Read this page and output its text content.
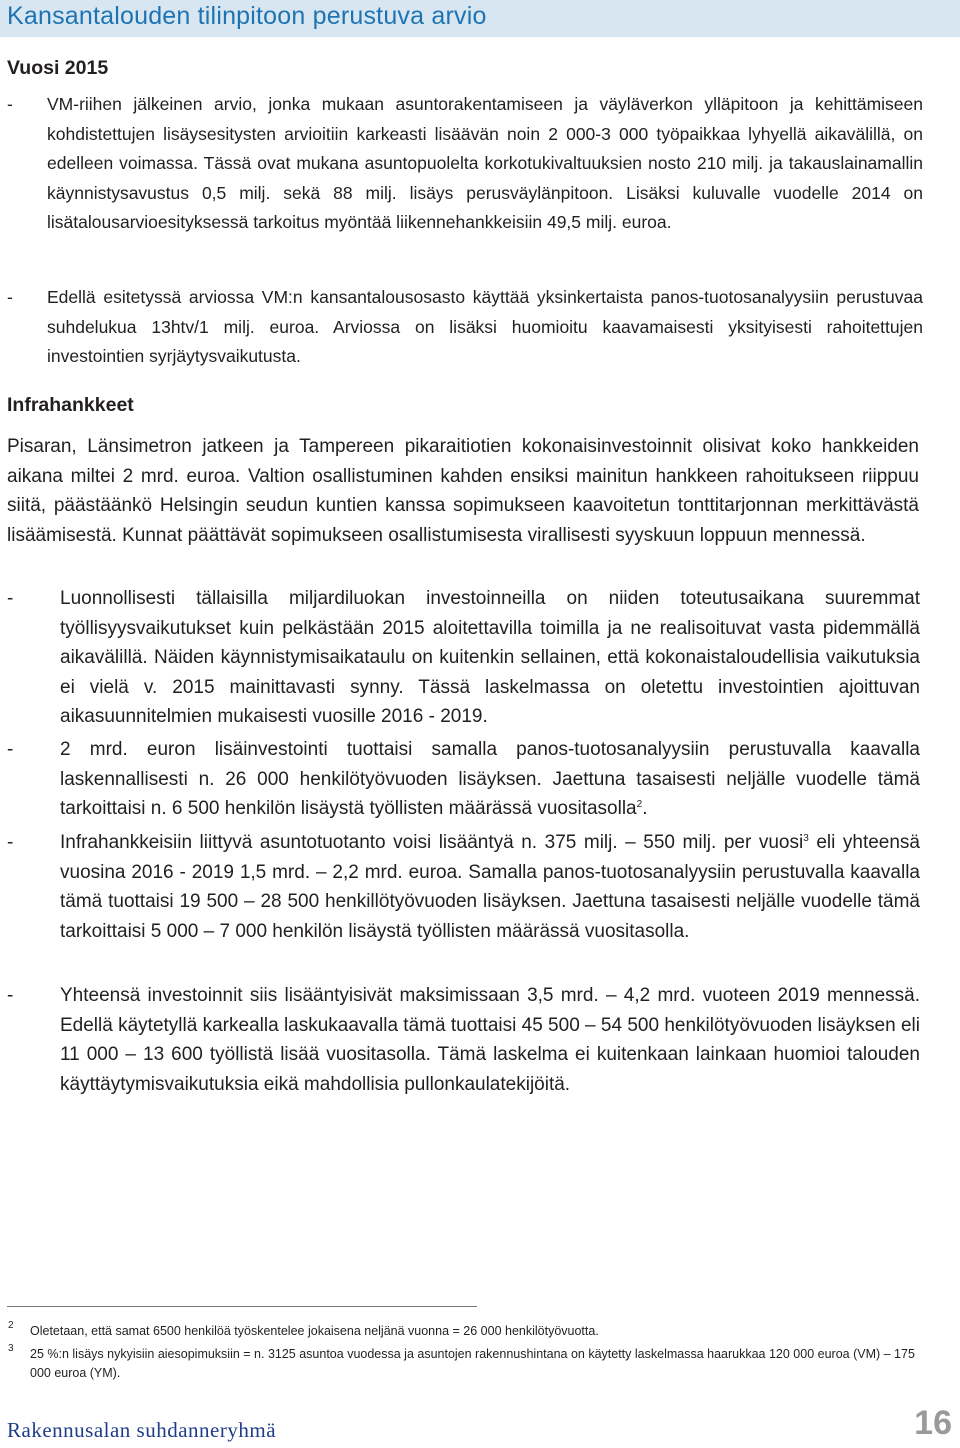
Kansantalouden tilinpitoon perustuva arvio
Vuosi 2015
- VM-riihen jälkeinen arvio, jonka mukaan asuntorakentamiseen ja väyläverkon ylläpitoon ja kehittämiseen kohdistettujen lisäysesitysten arvioitiin karkeasti lisäävän noin 2 000-3 000 työpaikkaa lyhyellä aikavälillä, on edelleen voimassa. Tässä ovat mukana asuntopuolelta korkotukivaltuuksien nosto 210 milj. ja takauslainamallin käynnistysavustus 0,5 milj. sekä 88 milj. lisäys perusväylänpitoon. Lisäksi kuluvalle vuodelle 2014 on lisätalousarvioesityksessä tarkoitus myöntää liikennehankkeisiin 49,5 milj. euroa.

- Edellä esitetyssä arviossa VM:n kansantalousosasto käyttää yksinkertaista panos-tuotosanalyysiin perustuvaa suhdelukua 13htv/1 milj. euroa. Arviossa on lisäksi huomioitu kaavamaisesti yksityisesti rahoitettujen investointien syrjäytysvaikutusta.

Infrahankkeet

Pisaran, Länsimetron jatkeen ja Tampereen pikaraitiotien kokonaisinvestoinnit olisivat koko hankkeiden aikana miltei 2 mrd. euroa. Valtion osallistuminen kahden ensiksi mainitun hankkeen rahoitukseen riippuu siitä, päästäänkö Helsingin seudun kuntien kanssa sopimukseen kaavoitetun tonttitarjonnan merkittävästä lisäämisestä. Kunnat päättävät sopimukseen osallistumisesta virallisesti syyskuun loppuun mennessä.

- Luonnollisesti tällaisilla miljardiluokan investoinneilla on niiden toteutusaikana suuremmat työllisyysvaikutukset kuin pelkästään 2015 aloitettavilla toimilla ja ne realisoituvat vasta pidemmällä aikavälillä. Näiden käynnistymisaikataulu on kuitenkin sellainen, että kokonaistaloudellisia vaikutuksia ei vielä v. 2015 mainittavasti synny. Tässä laskelmassa on oletettu investointien ajoittuvan aikasuunnitelmien mukaisesti vuosille 2016 - 2019.

- 2 mrd. euron lisäinvestointi tuottaisi samalla panos-tuotosanalyysiin perustuvalla kaavalla laskennallisesti n. 26 000 henkilötyövuoden lisäyksen. Jaettuna tasaisesti neljälle vuodelle tämä tarkoittaisi n. 6 500 henkilön lisäystä työllisten määrässä vuositasolla$^2$.

- Infrahankkeisiin liittyvä asuntotuotanto voisi lisääntyä n. 375 milj. – 550 milj. per vuosi$^3$ eli yhteensä vuosina 2016 - 2019 1,5 mrd. – 2,2 mrd. euroa. Samalla panos-tuotosanalyysiin perustuvalla kaavalla tämä tuottaisi 19 500 – 28 500 henkillötyövuoden lisäyksen. Jaettuna tasaisesti neljälle vuodelle tämä tarkoittaisi 5 000 – 7 000 henkilön lisäystä työllisten määrässä vuositasolla.

- Yhteensä investoinnit siis lisääntyisivät maksimissaan 3,5 mrd. – 4,2 mrd. vuoteen 2019 mennessä. Edellä käytetyllä karkealla laskukaavalla tämä tuottaisi 45 500 – 54 500 henkilötyövuoden lisäyksen eli 11 000 – 13 600 työllistä lisää vuositasolla. Tämä laskelma ei kuitenkaan lainkaan huomioi talouden käyttäytymisvaikutuksia eikä mahdollisia pullonkaulatekijöitä.

2 Oletetaan, että samat 6500 henkilöä työskentelee jokaisena neljänä vuonna = 26 000 henkilötyövuotta.
3 25 %:n lisäys nykyisiin aiesopimuksiin = n. 3125 asuntoa vuodessa ja asuntojen rakennushintana on käytetty laskelmassa haarukkaa 120 000 euroa (VM) – 175 000 euroa (YM).

Rakennusalan suhdanneryhmä	16
